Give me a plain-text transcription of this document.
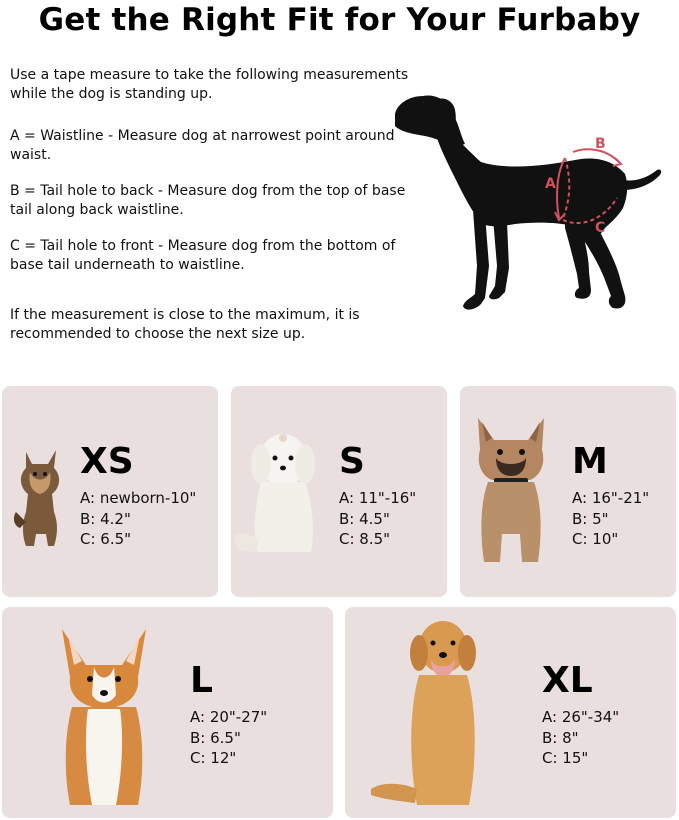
Get the Right Fit for Your Furbaby
Use a tape measure to take the following measurements while the dog is standing up.
A = Waistline - Measure dog at narrowest point around waist.
B = Tail hole to back - Measure dog from the top of base tail along back waistline.
C = Tail hole to front - Measure dog from the bottom of base tail underneath to waistline.
If the measurement is close to the maximum, it is recommended to choose the next size up.
A
B
C
XS
A: newborn-10"
B: 4.2"
C: 6.5"
S
A: 11"-16"
B: 4.5"
C: 8.5"
M
A: 16"-21"
B: 5"
C: 10"
L
A: 20"-27"
B: 6.5"
C: 12"
XL
A: 26"-34"
B: 8"
C: 15"
